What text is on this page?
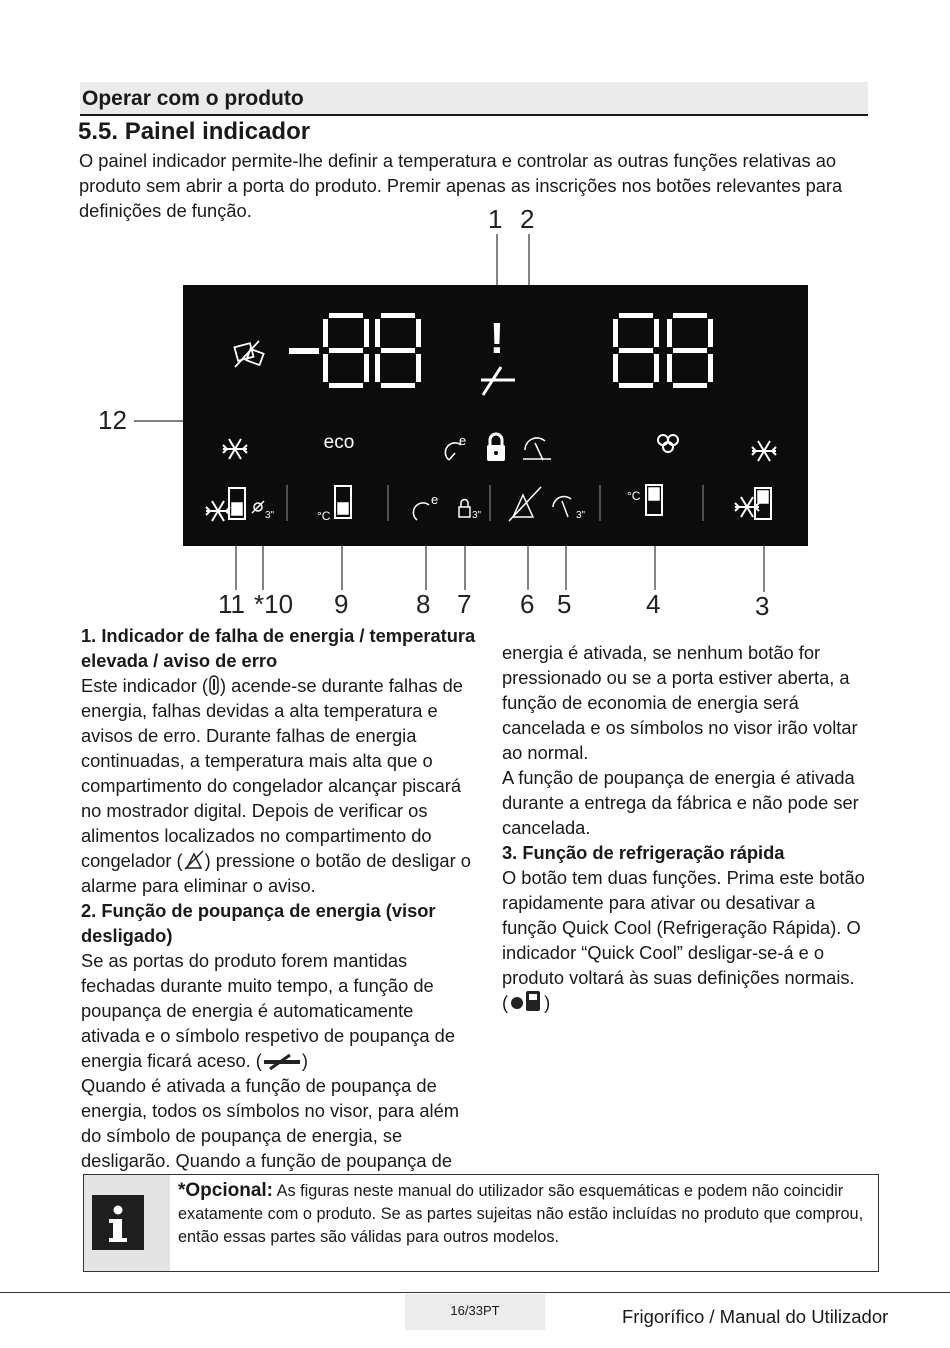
Operar com o produto
5.5. Painel indicador
O painel indicador permite-lhe definir a temperatura e controlar as outras funções relativas ao produto sem abrir a porta do produto. Premir apenas as inscrições nos botões relevantes para definições de função.	1 2
12
11 *10 9	8 7 6 5	4	3
!
eco	e
°C
°C
e
3"	3"	3"

1. Indicador de falha de energia / temperatura elevada / aviso de erro

Este indicador ( ) acende-se durante falhas de energia, falhas devidas a alta temperatura e avisos de erro. Durante falhas de energia continuadas, a temperatura mais alta que o compartimento do congelador alcançar piscará no mostrador digital. Depois de verificar os alimentos localizados no compartimento do congelador ( ) pressione o botão de desligar o alarme para eliminar o aviso.

2. Função de poupança de energia (visor desligado)

Se as portas do produto forem mantidas fechadas durante muito tempo, a função de poupança de energia é automaticamente ativada e o símbolo respetivo de poupança de energia ficará aceso. ( )

Quando é ativada a função de poupança de energia, todos os símbolos no visor, para além do símbolo de poupança de energia, se desligarão. Quando a função de poupança de

energia é ativada, se nenhum botão for pressionado ou se a porta estiver aberta, a função de economia de energia será cancelada e os símbolos no visor irão voltar ao normal.

A função de poupança de energia é ativada durante a entrega da fábrica e não pode ser cancelada.

3. Função de refrigeração rápida

O botão tem duas funções. Prima este botão rapidamente para ativar ou desativar a função Quick Cool (Refrigeração Rápida). O indicador “Quick Cool” desligar-se-á e o produto voltará às suas definições normais.

( )

*Opcional: As figuras neste manual do utilizador são esquemáticas e podem não coincidir exatamente com o produto. Se as partes sujeitas não estão incluídas no produto que comprou, então essas partes são válidas para outros modelos.
16/33PT	Frigorífico / Manual do Utilizador
